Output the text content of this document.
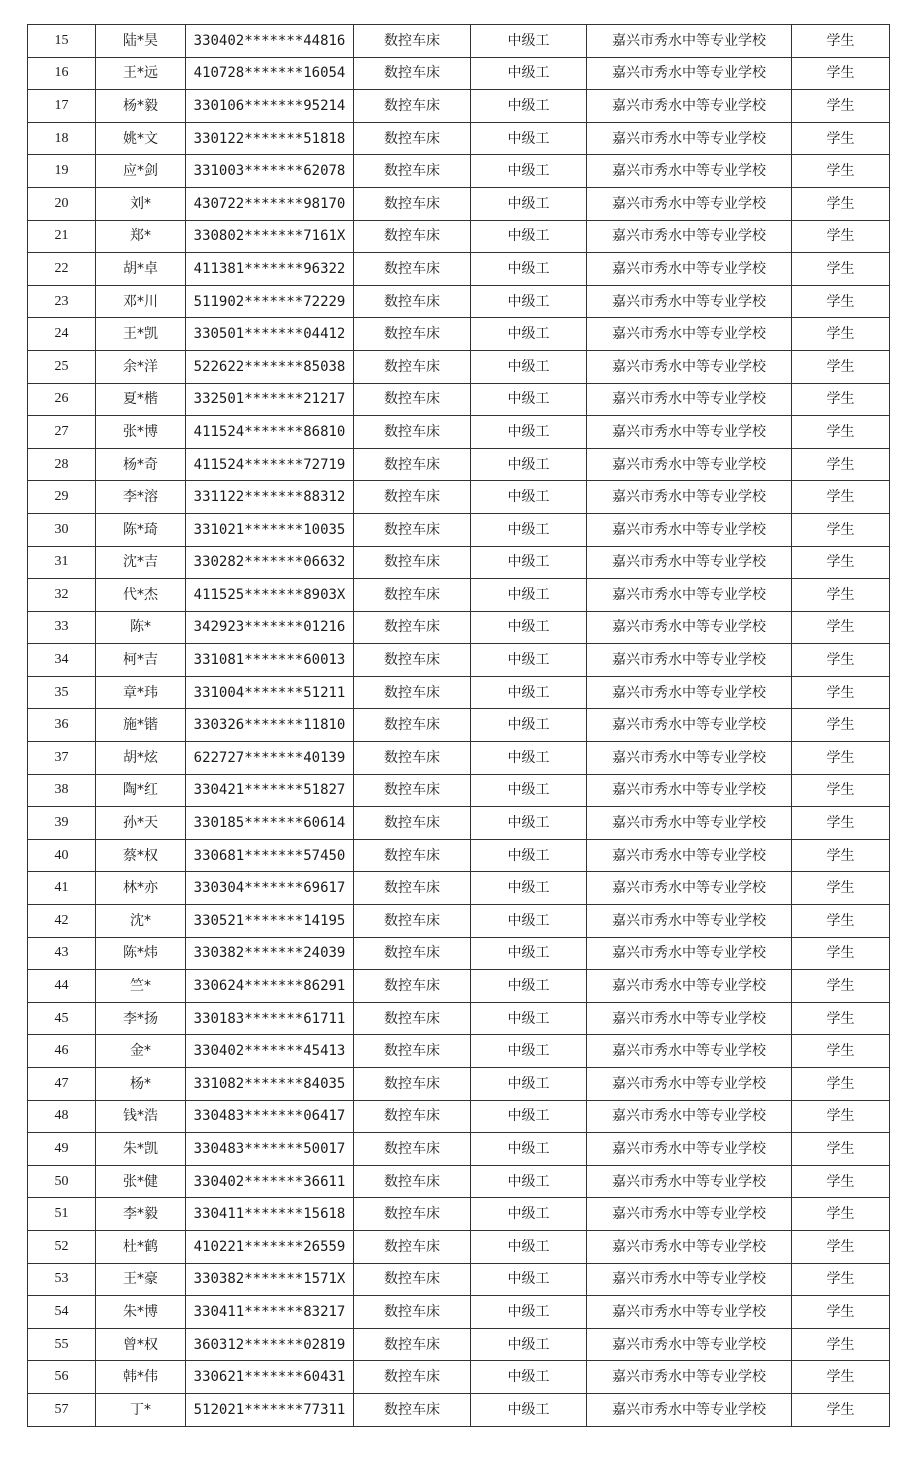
15	陆*昊	330402*******44816	数控车床	中级工	嘉兴市秀水中等专业学校	学生
16	王*远	410728*******16054	数控车床	中级工	嘉兴市秀水中等专业学校	学生
17	杨*毅	330106*******95214	数控车床	中级工	嘉兴市秀水中等专业学校	学生
18	姚*文	330122*******51818	数控车床	中级工	嘉兴市秀水中等专业学校	学生
19	应*剑	331003*******62078	数控车床	中级工	嘉兴市秀水中等专业学校	学生
20	刘*	430722*******98170	数控车床	中级工	嘉兴市秀水中等专业学校	学生
21	郑*	330802*******7161X	数控车床	中级工	嘉兴市秀水中等专业学校	学生
22	胡*卓	411381*******96322	数控车床	中级工	嘉兴市秀水中等专业学校	学生
23	邓*川	511902*******72229	数控车床	中级工	嘉兴市秀水中等专业学校	学生
24	王*凯	330501*******04412	数控车床	中级工	嘉兴市秀水中等专业学校	学生
25	余*洋	522622*******85038	数控车床	中级工	嘉兴市秀水中等专业学校	学生
26	夏*楷	332501*******21217	数控车床	中级工	嘉兴市秀水中等专业学校	学生
27	张*博	411524*******86810	数控车床	中级工	嘉兴市秀水中等专业学校	学生
28	杨*奇	411524*******72719	数控车床	中级工	嘉兴市秀水中等专业学校	学生
29	李*溶	331122*******88312	数控车床	中级工	嘉兴市秀水中等专业学校	学生
30	陈*琦	331021*******10035	数控车床	中级工	嘉兴市秀水中等专业学校	学生
31	沈*吉	330282*******06632	数控车床	中级工	嘉兴市秀水中等专业学校	学生
32	代*杰	411525*******8903X	数控车床	中级工	嘉兴市秀水中等专业学校	学生
33	陈*	342923*******01216	数控车床	中级工	嘉兴市秀水中等专业学校	学生
34	柯*吉	331081*******60013	数控车床	中级工	嘉兴市秀水中等专业学校	学生
35	章*玮	331004*******51211	数控车床	中级工	嘉兴市秀水中等专业学校	学生
36	施*锴	330326*******11810	数控车床	中级工	嘉兴市秀水中等专业学校	学生
37	胡*炫	622727*******40139	数控车床	中级工	嘉兴市秀水中等专业学校	学生
38	陶*红	330421*******51827	数控车床	中级工	嘉兴市秀水中等专业学校	学生
39	孙*天	330185*******60614	数控车床	中级工	嘉兴市秀水中等专业学校	学生
40	蔡*权	330681*******57450	数控车床	中级工	嘉兴市秀水中等专业学校	学生
41	林*亦	330304*******69617	数控车床	中级工	嘉兴市秀水中等专业学校	学生
42	沈*	330521*******14195	数控车床	中级工	嘉兴市秀水中等专业学校	学生
43	陈*炜	330382*******24039	数控车床	中级工	嘉兴市秀水中等专业学校	学生
44	竺*	330624*******86291	数控车床	中级工	嘉兴市秀水中等专业学校	学生
45	李*扬	330183*******61711	数控车床	中级工	嘉兴市秀水中等专业学校	学生
46	金*	330402*******45413	数控车床	中级工	嘉兴市秀水中等专业学校	学生
47	杨*	331082*******84035	数控车床	中级工	嘉兴市秀水中等专业学校	学生
48	钱*浩	330483*******06417	数控车床	中级工	嘉兴市秀水中等专业学校	学生
49	朱*凯	330483*******50017	数控车床	中级工	嘉兴市秀水中等专业学校	学生
50	张*健	330402*******36611	数控车床	中级工	嘉兴市秀水中等专业学校	学生
51	李*毅	330411*******15618	数控车床	中级工	嘉兴市秀水中等专业学校	学生
52	杜*鹤	410221*******26559	数控车床	中级工	嘉兴市秀水中等专业学校	学生
53	王*豪	330382*******1571X	数控车床	中级工	嘉兴市秀水中等专业学校	学生
54	朱*博	330411*******83217	数控车床	中级工	嘉兴市秀水中等专业学校	学生
55	曾*权	360312*******02819	数控车床	中级工	嘉兴市秀水中等专业学校	学生
56	韩*伟	330621*******60431	数控车床	中级工	嘉兴市秀水中等专业学校	学生
57	丁*	512021*******77311	数控车床	中级工	嘉兴市秀水中等专业学校	学生
